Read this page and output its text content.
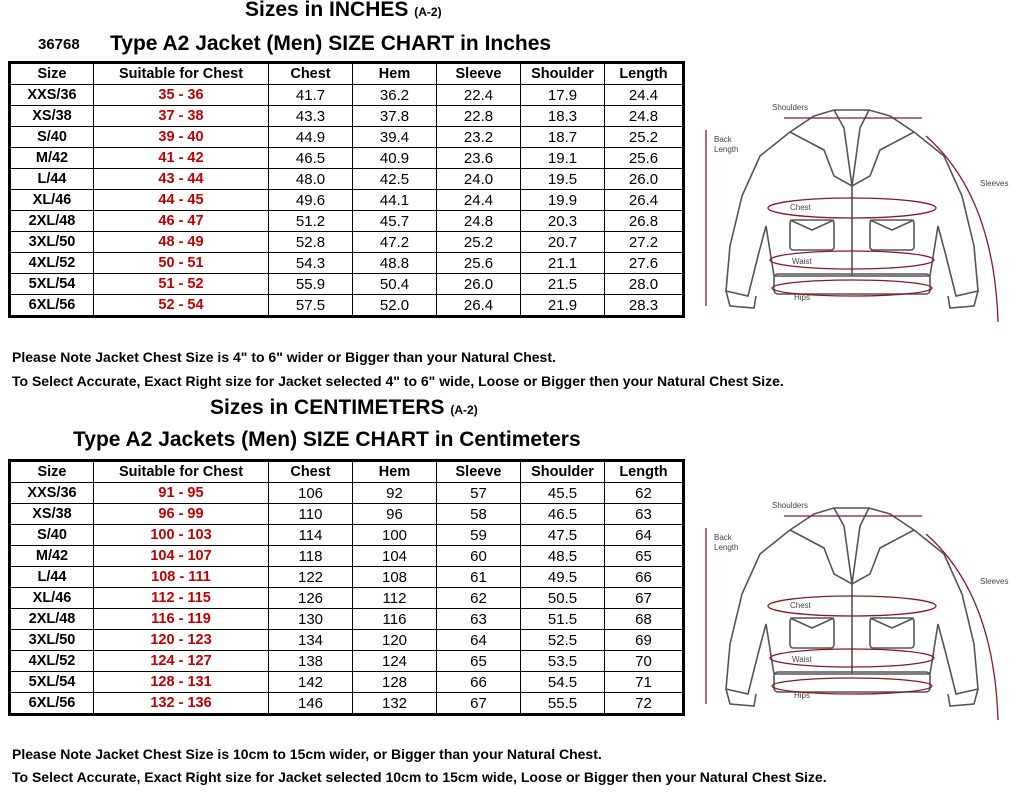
Sizes in INCHES (A-2)
36768 Type A2 Jacket (Men) SIZE CHART in Inches
Size	Suitable for Chest	Chest	Hem	Sleeve	Shoulder	Length
XXS/36	35 - 36	41.7	36.2	22.4	17.9	24.4
XS/38	37 - 38	43.3	37.8	22.8	18.3	24.8
S/40	39 - 40	44.9	39.4	23.2	18.7	25.2
M/42	41 - 42	46.5	40.9	23.6	19.1	25.6
L/44	43 - 44	48.0	42.5	24.0	19.5	26.0
XL/46	44 - 45	49.6	44.1	24.4	19.9	26.4
2XL/48	46 - 47	51.2	45.7	24.8	20.3	26.8
3XL/50	48 - 49	52.8	47.2	25.2	20.7	27.2
4XL/52	50 - 51	54.3	48.8	25.6	21.1	27.6
5XL/54	51 - 52	55.9	50.4	26.0	21.5	28.0
6XL/56	52 - 54	57.5	52.0	26.4	21.9	28.3
Please Note Jacket Chest Size is 4" to 6" wider or Bigger than your Natural Chest.
To Select Accurate, Exact Right size for Jacket selected 4" to 6" wide, Loose or Bigger then your Natural Chest Size.
Sizes in CENTIMETERS (A-2)
Type A2 Jackets (Men) SIZE CHART in Centimeters
Size	Suitable for Chest	Chest	Hem	Sleeve	Shoulder	Length
XXS/36	91 - 95	106	92	57	45.5	62
XS/38	96 - 99	110	96	58	46.5	63
S/40	100 - 103	114	100	59	47.5	64
M/42	104 - 107	118	104	60	48.5	65
L/44	108 - 111	122	108	61	49.5	66
XL/46	112 - 115	126	112	62	50.5	67
2XL/48	116 - 119	130	116	63	51.5	68
3XL/50	120 - 123	134	120	64	52.5	69
4XL/52	124 - 127	138	124	65	53.5	70
5XL/54	128 - 131	142	128	66	54.5	71
6XL/56	132 - 136	146	132	67	55.5	72
Please Note Jacket Chest Size is 10cm to 15cm wider, or Bigger than your Natural Chest.
To Select Accurate, Exact Right size for Jacket selected 10cm to 15cm wide, Loose or Bigger then your Natural Chest Size.
Shoulders
Back
Length
Sleeves
Chest
Waist
Hips
Shoulders
Back
Length
Sleeves
Chest
Waist
Hips
